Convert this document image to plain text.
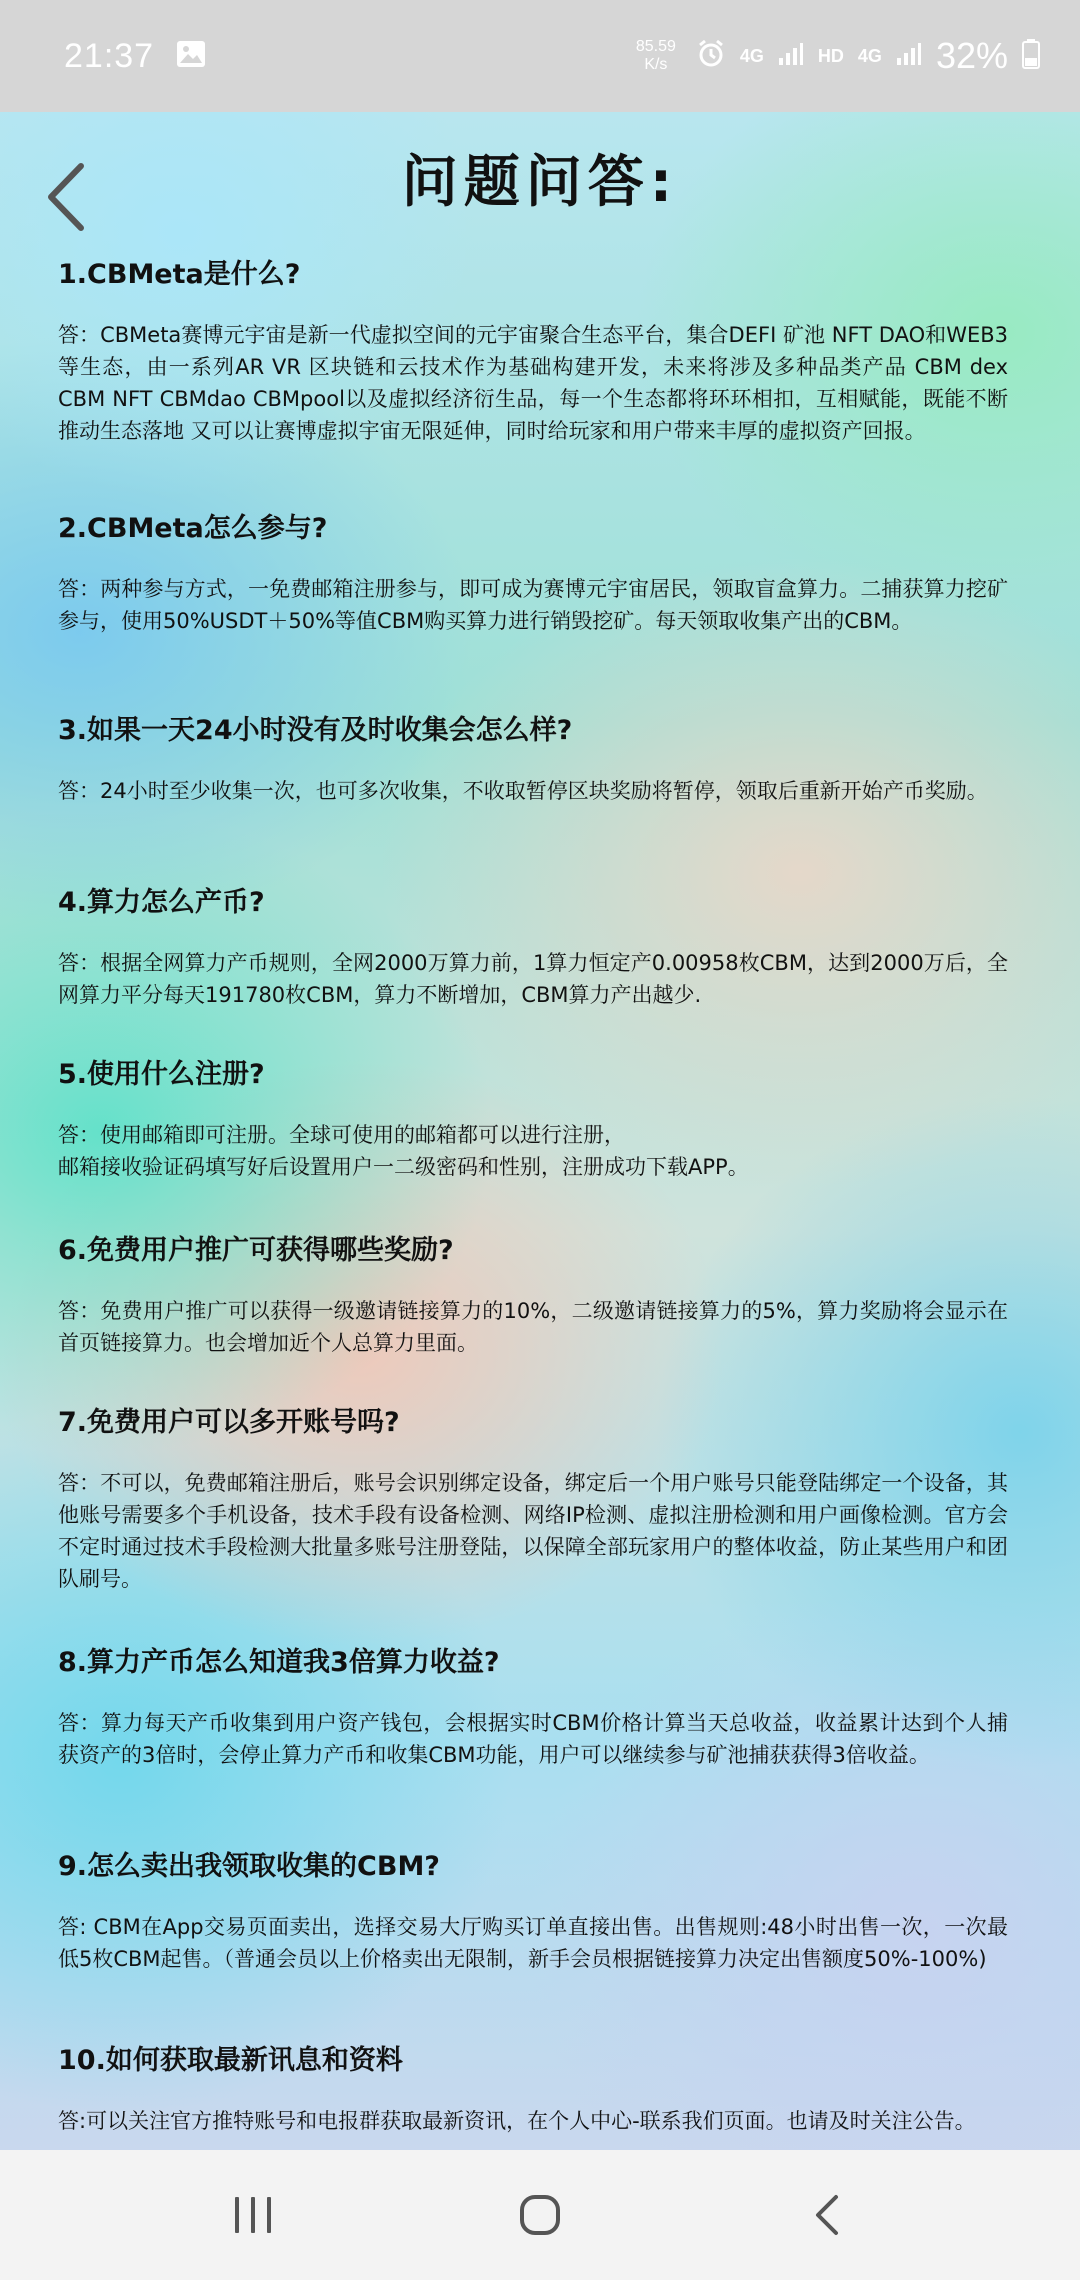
21:37	85.59
K/s	4G	HD 4G 32%
问题问答:

1.CBMeta是什么?

答：CBMeta赛博元宇宙是新一代虚拟空间的元宇宙聚合生态平台，集合DEFI 矿池 NFT DAO和WEB3等生态，由一系列AR VR 区块链和云技术作为基础构建开发，未来将涉及多种品类产品 CBM dex CBM NFT CBMdao CBMpool以及虚拟经济衍生品，每一个生态都将环环相扣，互相赋能，既能不断推动生态落地 又可以让赛博虚拟宇宙无限延伸，同时给玩家和用户带来丰厚的虚拟资产回报。

2.CBMeta怎么参与?

答：两种参与方式，一免费邮箱注册参与，即可成为赛博元宇宙居民，领取盲盒算力。二捕获算力挖矿参与，使用50%USDT＋50%等值CBM购买算力进行销毁挖矿。每天领取收集产出的CBM。

3.如果一天24小时没有及时收集会怎么样?

答：24小时至少收集一次，也可多次收集，不收取暂停区块奖励将暂停，领取后重新开始产币奖励。

4.算力怎么产币?

答：根据全网算力产币规则，全网2000万算力前，1算力恒定产0.00958枚CBM，达到2000万后，全网算力平分每天191780枚CBM，算力不断增加，CBM算力产出越少.

5.使用什么注册?

答：使用邮箱即可注册。全球可使用的邮箱都可以进行注册，
邮箱接收验证码填写好后设置用户一二级密码和性别，注册成功下载APP。

6.免费用户推广可获得哪些奖励?

答：免费用户推广可以获得一级邀请链接算力的10%，二级邀请链接算力的5%，算力奖励将会显示在首页链接算力。也会增加近个人总算力里面。

7.免费用户可以多开账号吗?

答：不可以，免费邮箱注册后，账号会识别绑定设备，绑定后一个用户账号只能登陆绑定一个设备，其他账号需要多个手机设备，技术手段有设备检测、网络IP检测、虚拟注册检测和用户画像检测。官方会不定时通过技术手段检测大批量多账号注册登陆，以保障全部玩家用户的整体收益，防止某些用户和团队刷号。

8.算力产币怎么知道我3倍算力收益?

答：算力每天产币收集到用户资产钱包，会根据实时CBM价格计算当天总收益，收益累计达到个人捕获资产的3倍时，会停止算力产币和收集CBM功能，用户可以继续参与矿池捕获获得3倍收益。

9.怎么卖出我领取收集的CBM?

答: CBM在App交易页面卖出，选择交易大厅购买订单直接出售。出售规则:48小时出售一次，一次最低5枚CBM起售。（普通会员以上价格卖出无限制，新手会员根据链接算力决定出售额度50%-100%)

10.如何获取最新讯息和资料

答:可以关注官方推特账号和电报群获取最新资讯，在个人中心-联系我们页面。也请及时关注公告。
